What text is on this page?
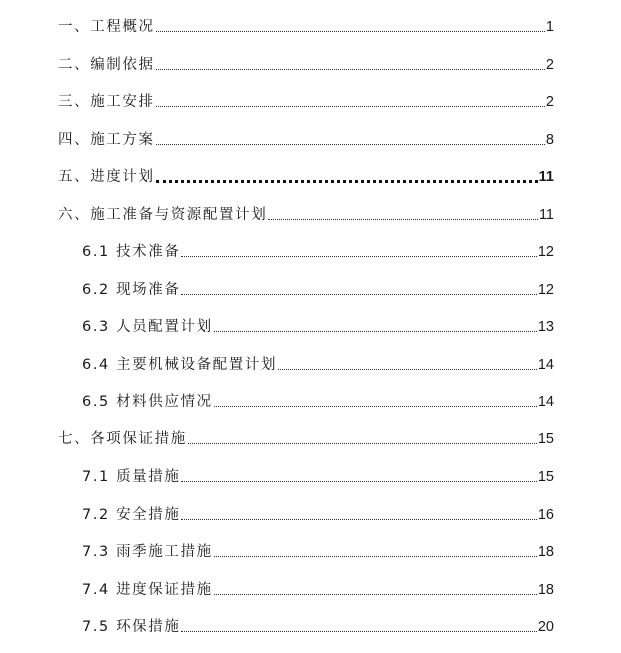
一、工程概况	1
二、编制依据	2
三、施工安排	2
四、施工方案	8
五、进度计划	11
六、施工准备与资源配置计划	11
6.1 技术准备	12
6.2 现场准备	12
6.3 人员配置计划	13
6.4 主要机械设备配置计划	14
6.5 材料供应情况	14
七、各项保证措施	15
7.1 质量措施	15
7.2 安全措施	16
7.3 雨季施工措施	18
7.4 进度保证措施	18
7.5 环保措施	20
